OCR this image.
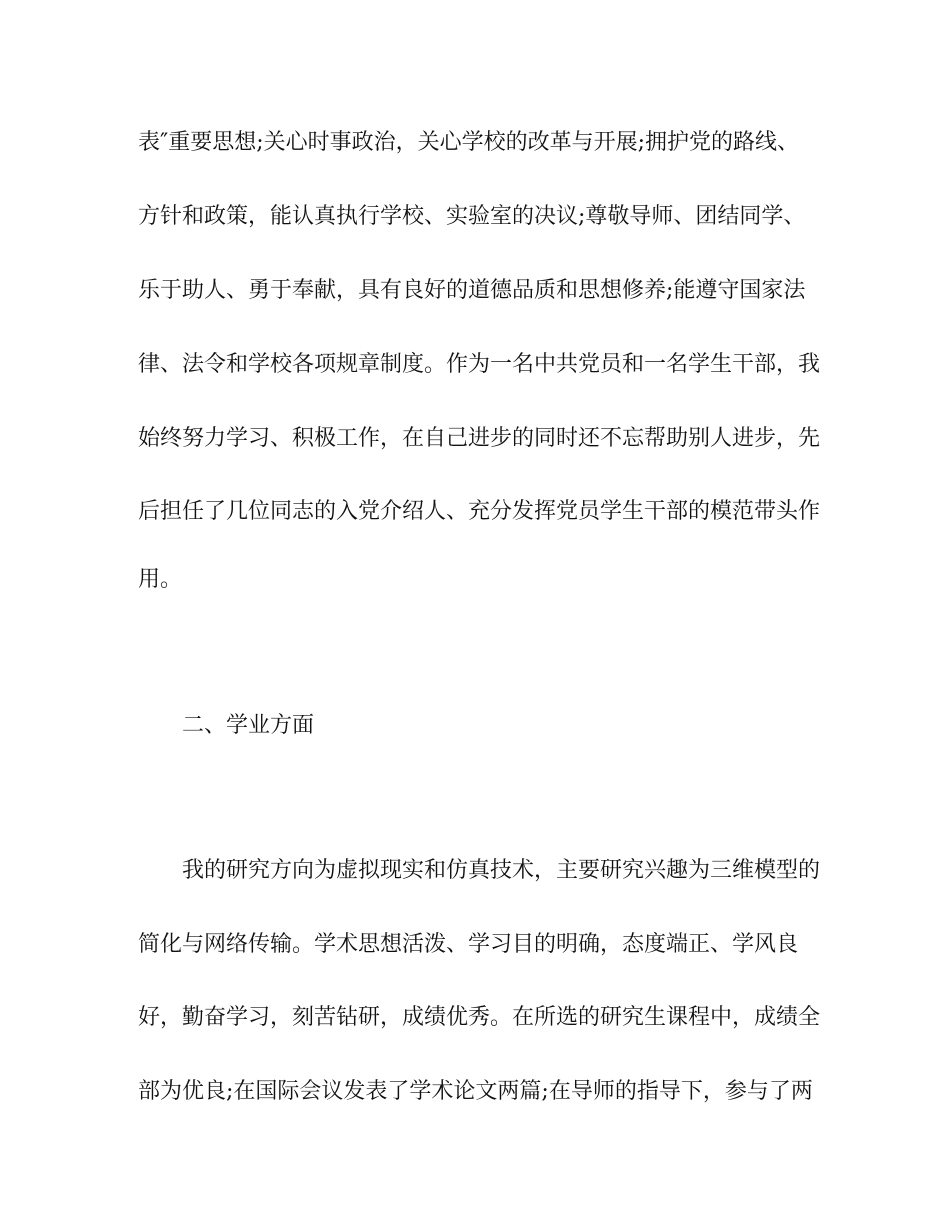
表″重要思想;关心时事政治，关心学校的改革与开展;拥护党的路线、
方针和政策，能认真执行学校、实验室的决议;尊敬导师、团结同学、
乐于助人、勇于奉献，具有良好的道德品质和思想修养;能遵守国家法
律、法令和学校各项规章制度。作为一名中共党员和一名学生干部，我
始终努力学习、积极工作，在自己进步的同时还不忘帮助别人进步，先
后担任了几位同志的入党介绍人、充分发挥党员学生干部的模范带头作
用。
二、学业方面
我的研究方向为虚拟现实和仿真技术，主要研究兴趣为三维模型的
简化与网络传输。学术思想活泼、学习目的明确，态度端正、学风良
好，勤奋学习，刻苦钻研，成绩优秀。在所选的研究生课程中，成绩全
部为优良;在国际会议发表了学术论文两篇;在导师的指导下，参与了两
